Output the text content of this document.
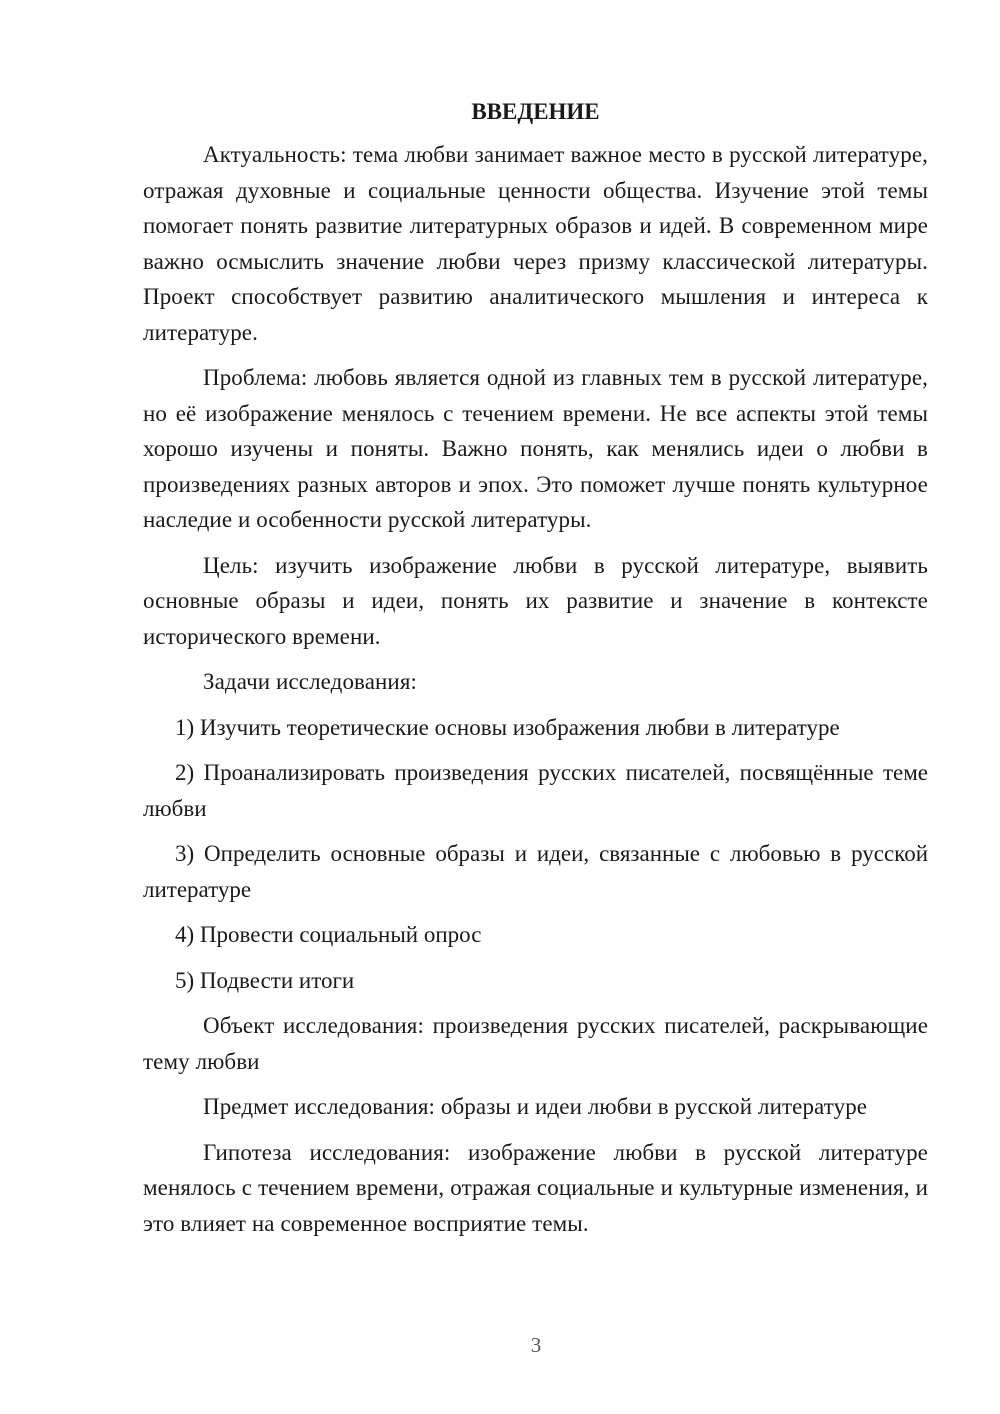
ВВЕДЕНИЕ

Актуальность: тема любви занимает важное место в русской литературе, отражая духовные и социальные ценности общества. Изучение этой темы помогает понять развитие литературных образов и идей. В современном мире важно осмыслить значение любви через призму классической литературы. Проект способствует развитию аналитического мышления и интереса к литературе.

Проблема: любовь является одной из главных тем в русской литературе, но её изображение менялось с течением времени. Не все аспекты этой темы хорошо изучены и поняты. Важно понять, как менялись идеи о любви в произведениях разных авторов и эпох. Это поможет лучше понять культурное наследие и особенности русской литературы.

Цель: изучить изображение любви в русской литературе, выявить основные образы и идеи, понять их развитие и значение в контексте исторического времени.

Задачи исследования:

1) Изучить теоретические основы изображения любви в литературе

2) Проанализировать произведения русских писателей, посвящённые теме любви

3) Определить основные образы и идеи, связанные с любовью в русской литературе

4) Провести социальный опрос

5) Подвести итоги

Объект исследования: произведения русских писателей, раскрывающие тему любви

Предмет исследования: образы и идеи любви в русской литературе

Гипотеза исследования: изображение любви в русской литературе менялось с течением времени, отражая социальные и культурные изменения, и это влияет на современное восприятие темы.

3
